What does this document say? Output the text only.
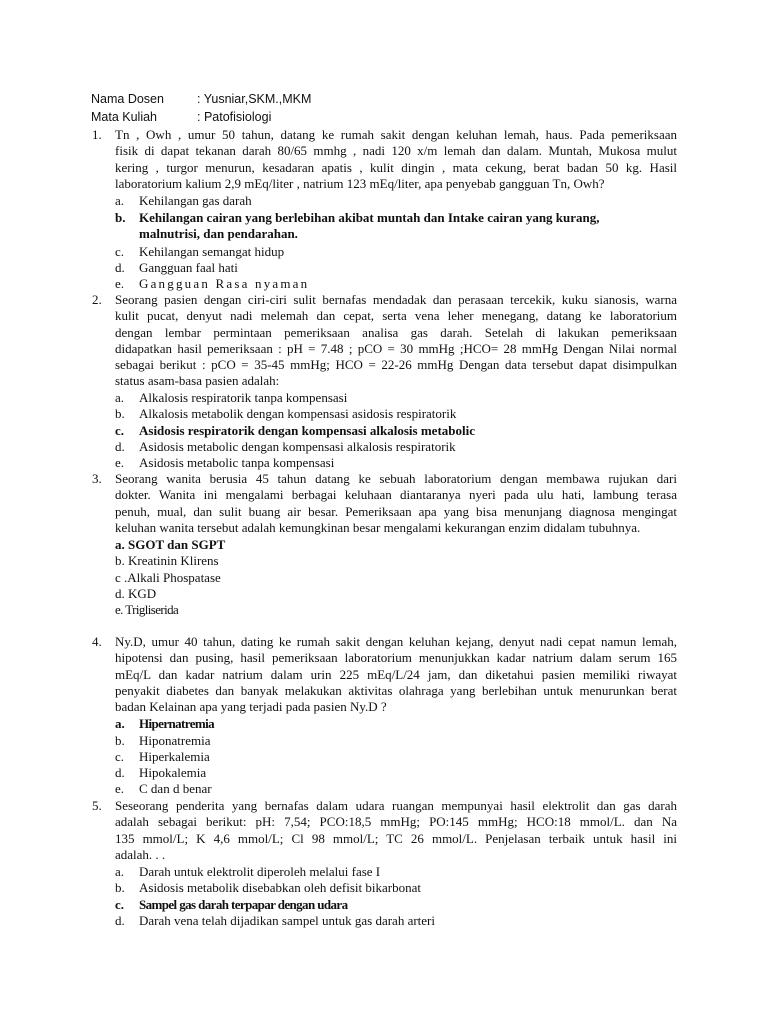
Nama Dosen	: Yusniar,SKM.,MKM
Mata Kuliah	: Patofisiologi
1. Tn , Owh , umur 50 tahun, datang ke rumah sakit dengan keluhan lemah, haus. Pada pemeriksaan
fisik di dapat tekanan darah 80/65 mmhg , nadi 120 x/m lemah dan dalam. Muntah, Mukosa mulut
kering , turgor menurun, kesadaran apatis , kulit dingin , mata cekung, berat badan 50 kg. Hasil
laboratorium kalium 2,9 mEq/liter , natrium 123 mEq/liter, apa penyebab gangguan Tn, Owh?
a. Kehilangan gas darah
b. Kehilangan cairan yang berlebihan akibat muntah dan Intake cairan yang kurang,
malnutrisi, dan pendarahan.
c. Kehilangan semangat hidup
d. Gangguan faal hati
e. Gangguan Rasa nyaman
2. Seorang pasien dengan ciri-ciri sulit bernafas mendadak dan perasaan tercekik, kuku sianosis, warna
kulit pucat, denyut nadi melemah dan cepat, serta vena leher menegang, datang ke laboratorium
dengan lembar permintaan pemeriksaan analisa gas darah. Setelah di lakukan pemeriksaan
didapatkan hasil pemeriksaan : pH = 7.48 ; pCO = 30 mmHg ;HCO= 28 mmHg Dengan Nilai normal
sebagai berikut : pCO = 35-45 mmHg; HCO = 22-26 mmHg Dengan data tersebut dapat disimpulkan
status asam-basa pasien adalah:
a. Alkalosis respiratorik tanpa kompensasi
b. Alkalosis metabolik dengan kompensasi asidosis respiratorik
c. Asidosis respiratorik dengan kompensasi alkalosis metabolic
d. Asidosis metabolic dengan kompensasi alkalosis respiratorik
e. Asidosis metabolic tanpa kompensasi
3. Seorang wanita berusia 45 tahun datang ke sebuah laboratorium dengan membawa rujukan dari
dokter. Wanita ini mengalami berbagai keluhaan diantaranya nyeri pada ulu hati, lambung terasa
penuh, mual, dan sulit buang air besar. Pemeriksaan apa yang bisa menunjang diagnosa mengingat
keluhan wanita tersebut adalah kemungkinan besar mengalami kekurangan enzim didalam tubuhnya.
a. SGOT dan SGPT
b. Kreatinin Klirens
c .Alkali Phospatase
d. KGD
e. Trigliserida
4. Ny.D, umur 40 tahun, dating ke rumah sakit dengan keluhan kejang, denyut nadi cepat namun lemah,
hipotensi dan pusing, hasil pemeriksaan laboratorium menunjukkan kadar natrium dalam serum 165
mEq/L dan kadar natrium dalam urin 225 mEq/L/24 jam, dan diketahui pasien memiliki riwayat
penyakit diabetes dan banyak melakukan aktivitas olahraga yang berlebihan untuk menurunkan berat
badan Kelainan apa yang terjadi pada pasien Ny.D ?
a. Hipernatremia
b. Hiponatremia
c. Hiperkalemia
d. Hipokalemia
e. C dan d benar
5. Seseorang penderita yang bernafas dalam udara ruangan mempunyai hasil elektrolit dan gas darah
adalah sebagai berikut: pH: 7,54; PCO:18,5 mmHg; PO:145 mmHg; HCO:18 mmol/L. dan Na
135 mmol/L; K 4,6 mmol/L; Cl 98 mmol/L; TC 26 mmol/L. Penjelasan terbaik untuk hasil ini
adalah. . .
a. Darah untuk elektrolit diperoleh melalui fase I
b. Asidosis metabolik disebabkan oleh defisit bikarbonat
c. Sampel gas darah terpapar dengan udara
d. Darah vena telah dijadikan sampel untuk gas darah arteri
